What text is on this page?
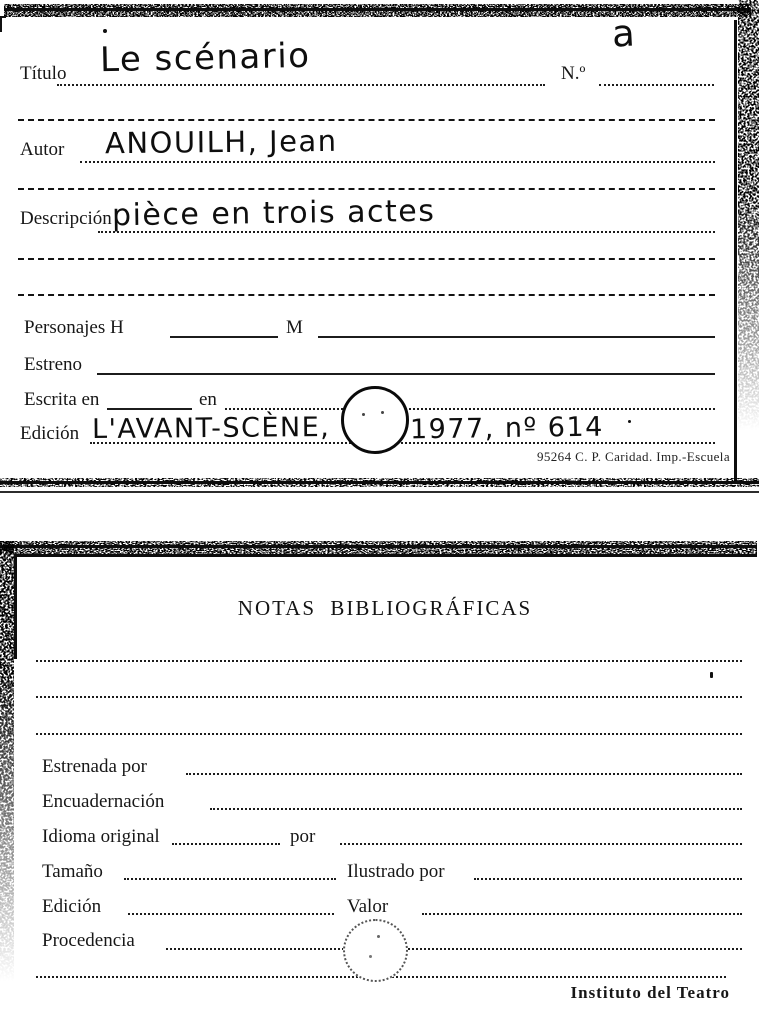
Título Le scénario	N.º
a
Autor ANOUILH, Jean
Descripción pièce en trois actes
Personajes H	M
Estreno
Escrita en	en
Edición L'AVANT-SCÈNE,	1977, nº 614
95264 C. P. Caridad. Imp.-Escuela
NOTAS BIBLIOGRÁFICAS
Estrenada por
Encuadernación
Idioma original	por
Tamaño	Ilustrado por
Edición	Valor
Procedencia
Instituto del Teatro
